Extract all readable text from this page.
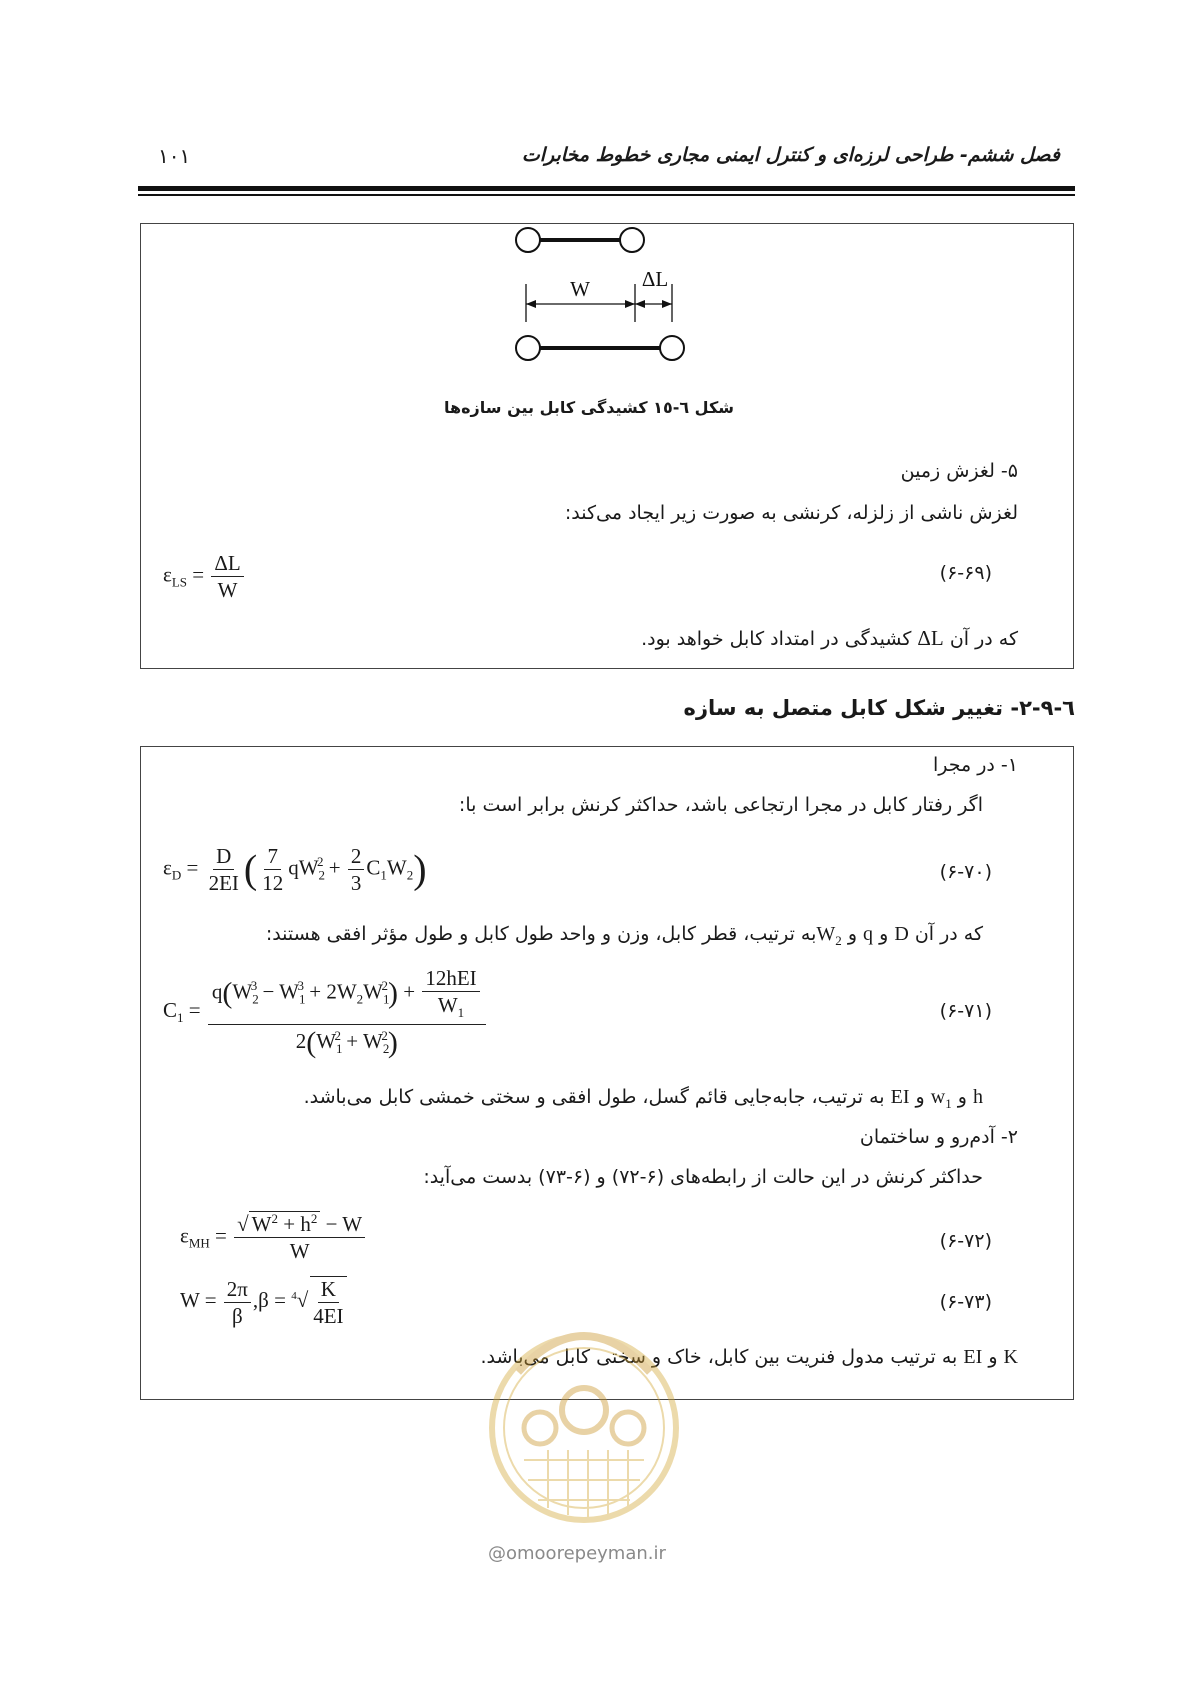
فصل ششم- طراحی لرزه‌ای و کنترل ایمنی مجاری خطوط مخابرات
۱۰۱
W ΔL
شکل ٦-١٥ کشیدگی کابل بین سازه‌ها
۵- لغزش زمین
لغزش ناشی از زلزله، کرنشی به صورت زیر ایجاد می‌کند:
(۶-۶۹)
$\varepsilon_{LS} = \frac{\Delta L}{W}$
که در آن ΔL کشیدگی در امتداد کابل خواهد بود.
٦-٩-٢- تغییر شکل کابل متصل به سازه
۱- در مجرا
اگر رفتار کابل در مجرا ارتجاعی باشد، حداکثر کرنش برابر است با:
(۶-۷۰)
$\varepsilon_D = \frac{D}{2EI}$ ( $\frac{7}{12} qW_2^2 + \frac{2}{3} C_1W_2$)
که در آن D و q و $W_2به$ ترتیب، قطر کابل، وزن و واحد طول کابل و طول مؤثر افقی هستند:
(۶-۷۱)
$C_1 = \frac{q(W_2^3 - W_1^3 + 2W_2W_1^2) + \frac{\text{12hEI}}{W_1}}{2(W_1^2 + W_2^2)}$
h و $w_1$ و EI به ترتیب، جابه‌جایی قائم گسل، طول افقی و سختی خمشی کابل می‌باشد.
۲- آدم‌رو و ساختمان
حداکثر کرنش در این حالت از رابطه‌های (۶-۷۲) و (۶-۷۳) بدست می‌آید:
(۶-۷۲)
$\varepsilon_{MH} = \frac{√ W^2 + h^2 - W}{W}$
(۶-۷۳)
$W = \frac{2\pi}{\beta} ,\beta = ^4√ \frac{K}{4EI}$
K و EI به ترتیب مدول فنریت بین کابل، خاک و سختی کابل می‌باشد.
@omoorepeyman.ir
